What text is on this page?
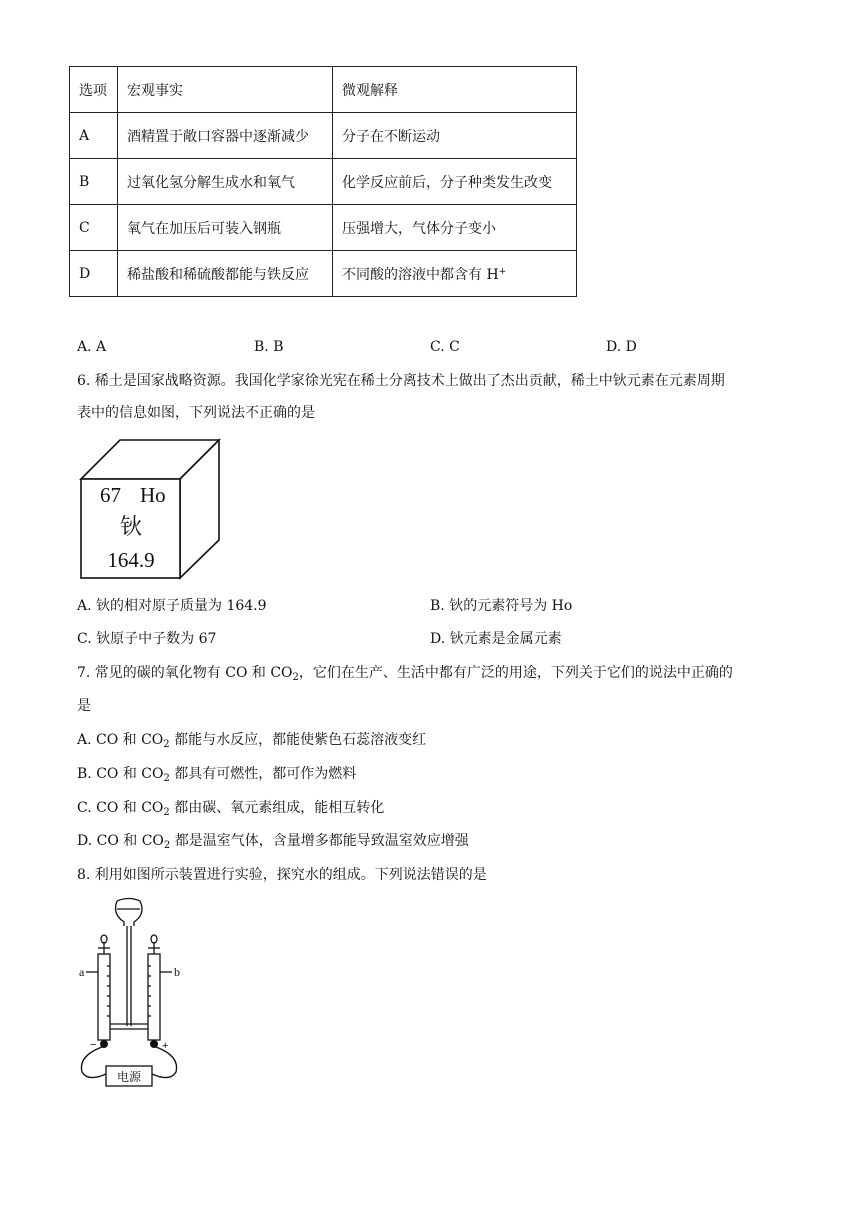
选项	宏观事实	微观解释
A	酒精置于敞口容器中逐渐减少	分子在不断运动
B	过氧化氢分解生成水和氧气	化学反应前后，分子种类发生改变
C	氧气在加压后可装入钢瓶	压强增大，气体分子变小
D	稀盐酸和稀硫酸都能与铁反应	不同酸的溶液中都含有 H+
A. A	B. B	C. C	D. D
6. 稀土是国家战略资源。我国化学家徐光宪在稀土分离技术上做出了杰出贡献，稀土中钬元素在元素周期
表中的信息如图，下列说法不正确的是
67 Ho
钬
164.9
A. 钬的相对原子质量为 164.9	B. 钬的元素符号为 Ho
C. 钬原子中子数为 67	D. 钬元素是金属元素
7. 常见的碳的氧化物有 CO 和 $CO_2$，它们在生产、生活中都有广泛的用途，下列关于它们的说法中正确的
是
A. CO 和 $CO_2$ 都能与水反应，都能使紫色石蕊溶液变红
B. CO 和 $CO_2$ 都具有可燃性，都可作为燃料
C. CO 和 $CO_2$ 都由碳、氧元素组成，能相互转化
D. CO 和 $CO_2$ 都是温室气体，含量增多都能导致温室效应增强
8. 利用如图所示装置进行实验，探究水的组成。下列说法错误的是
a	b
−	+
电源
